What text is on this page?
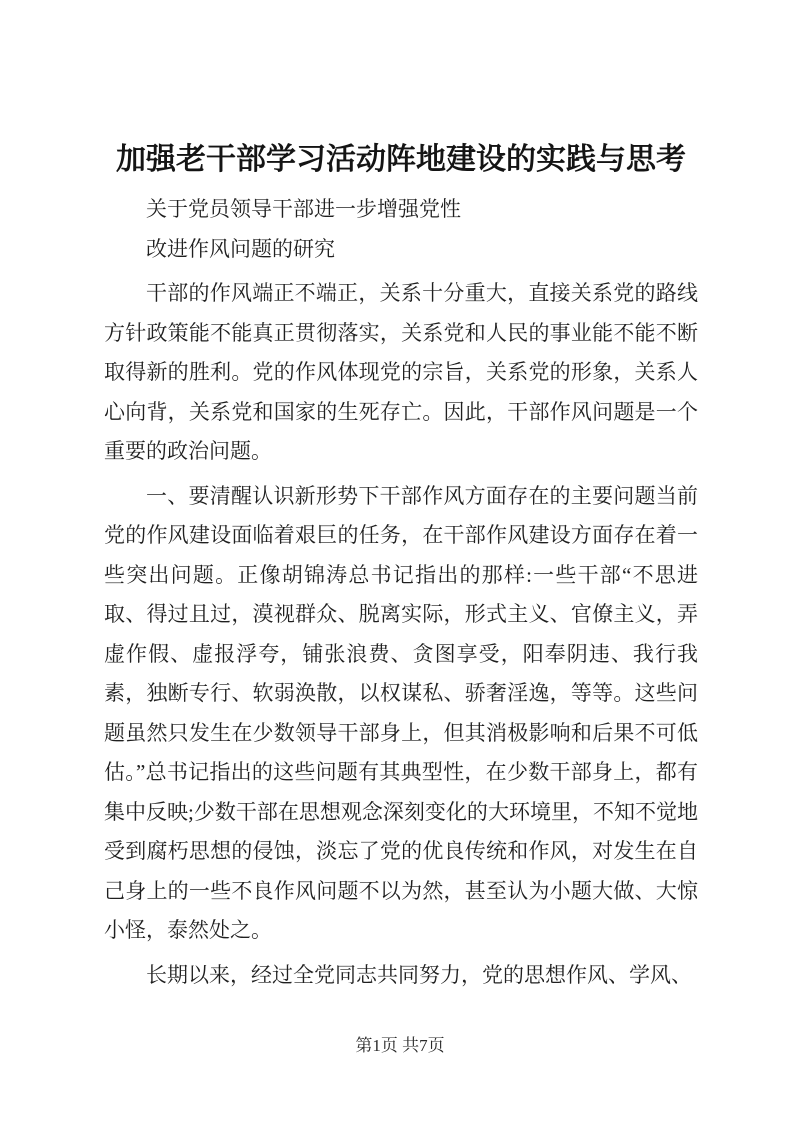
加强老干部学习活动阵地建设的实践与思考
关于党员领导干部进一步增强党性
改进作风问题的研究

干部的作风端正不端正，关系十分重大，直接关系党的路线方针政策能不能真正贯彻落实，关系党和人民的事业能不能不断取得新的胜利。党的作风体现党的宗旨，关系党的形象，关系人心向背，关系党和国家的生死存亡。因此，干部作风问题是一个重要的政治问题。

一、要清醒认识新形势下干部作风方面存在的主要问题当前党的作风建设面临着艰巨的任务，在干部作风建设方面存在着一些突出问题。正像胡锦涛总书记指出的那样:一些干部“不思进取、得过且过，漠视群众、脱离实际，形式主义、官僚主义，弄虚作假、虚报浮夸，铺张浪费、贪图享受，阳奉阴违、我行我素，独断专行、软弱涣散，以权谋私、骄奢淫逸，等等。这些问题虽然只发生在少数领导干部身上，但其消极影响和后果不可低估。”总书记指出的这些问题有其典型性，在少数干部身上，都有集中反映;少数干部在思想观念深刻变化的大环境里，不知不觉地受到腐朽思想的侵蚀，淡忘了党的优良传统和作风，对发生在自己身上的一些不良作风问题不以为然，甚至认为小题大做、大惊小怪，泰然处之。

长期以来，经过全党同志共同努力，党的思想作风、学风、

第1页 共7页
